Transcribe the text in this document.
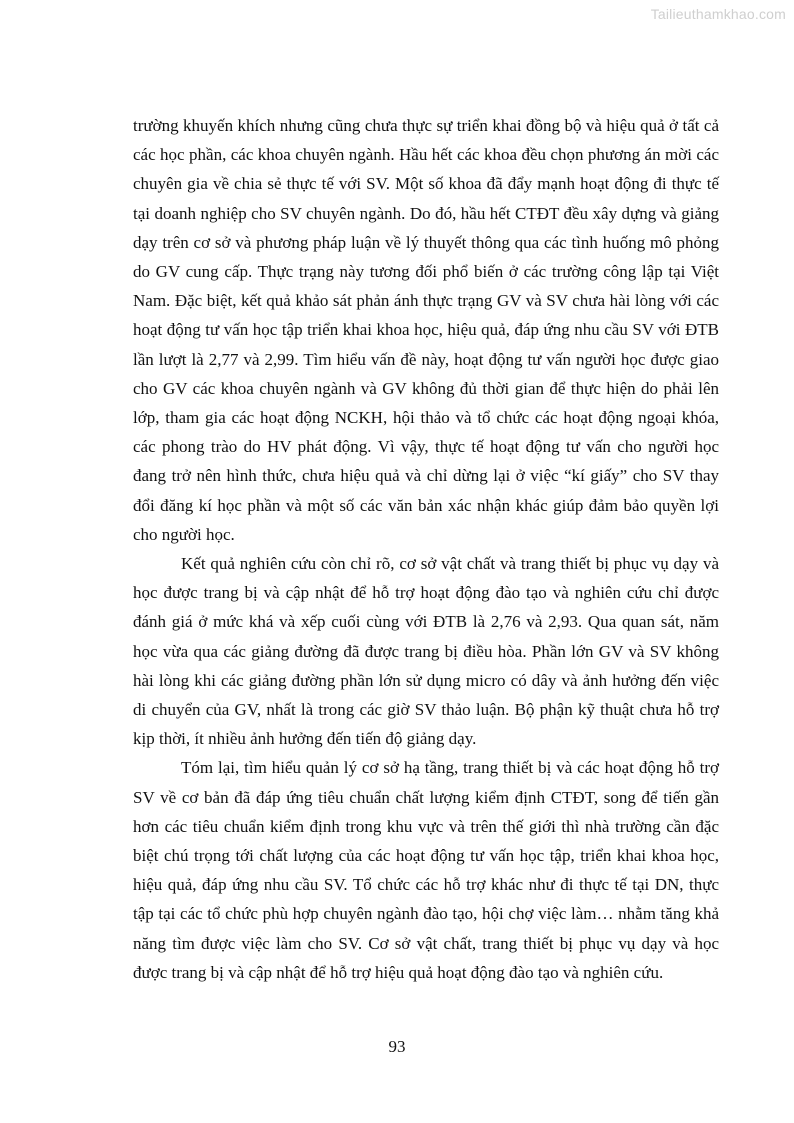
Tailieuthamkhao.com

trường khuyến khích nhưng cũng chưa thực sự triển khai đồng bộ và hiệu quả ở tất cả các học phần, các khoa chuyên ngành. Hầu hết các khoa đều chọn phương án mời các chuyên gia về chia sẻ thực tế với SV. Một số khoa đã đẩy mạnh hoạt động đi thực tế tại doanh nghiệp cho SV chuyên ngành. Do đó, hầu hết CTĐT đều xây dựng và giảng dạy trên cơ sở và phương pháp luận về lý thuyết thông qua các tình huống mô phỏng do GV cung cấp. Thực trạng này tương đối phổ biến ở các trường công lập tại Việt Nam. Đặc biệt, kết quả khảo sát phản ánh thực trạng GV và SV chưa hài lòng với các hoạt động tư vấn học tập triển khai khoa học, hiệu quả, đáp ứng nhu cầu SV với ĐTB lần lượt là 2,77 và 2,99. Tìm hiểu vấn đề này, hoạt động tư vấn người học được giao cho GV các khoa chuyên ngành và GV không đủ thời gian để thực hiện do phải lên lớp, tham gia các hoạt động NCKH, hội thảo và tổ chức các hoạt động ngoại khóa, các phong trào do HV phát động. Vì vậy, thực tế hoạt động tư vấn cho người học đang trở nên hình thức, chưa hiệu quả và chỉ dừng lại ở việc “kí giấy” cho SV thay đổi đăng kí học phần và một số các văn bản xác nhận khác giúp đảm bảo quyền lợi cho người học.

Kết quả nghiên cứu còn chỉ rõ, cơ sở vật chất và trang thiết bị phục vụ dạy và học được trang bị và cập nhật để hỗ trợ hoạt động đào tạo và nghiên cứu chỉ được đánh giá ở mức khá và xếp cuối cùng với ĐTB là 2,76 và 2,93. Qua quan sát, năm học vừa qua các giảng đường đã được trang bị điều hòa. Phần lớn GV và SV không hài lòng khi các giảng đường phần lớn sử dụng micro có dây và ảnh hưởng đến việc di chuyển của GV, nhất là trong các giờ SV thảo luận. Bộ phận kỹ thuật chưa hỗ trợ kịp thời, ít nhiều ảnh hưởng đến tiến độ giảng dạy.

Tóm lại, tìm hiểu quản lý cơ sở hạ tầng, trang thiết bị và các hoạt động hỗ trợ SV về cơ bản đã đáp ứng tiêu chuẩn chất lượng kiểm định CTĐT, song để tiến gần hơn các tiêu chuẩn kiểm định trong khu vực và trên thế giới thì nhà trường cần đặc biệt chú trọng tới chất lượng của các hoạt động tư vấn học tập, triển khai khoa học, hiệu quả, đáp ứng nhu cầu SV. Tổ chức các hỗ trợ khác như đi thực tế tại DN, thực tập tại các tổ chức phù hợp chuyên ngành đào tạo, hội chợ việc làm… nhằm tăng khả năng tìm được việc làm cho SV. Cơ sở vật chất, trang thiết bị phục vụ dạy và học được trang bị và cập nhật để hỗ trợ hiệu quả hoạt động đào tạo và nghiên cứu.

93
